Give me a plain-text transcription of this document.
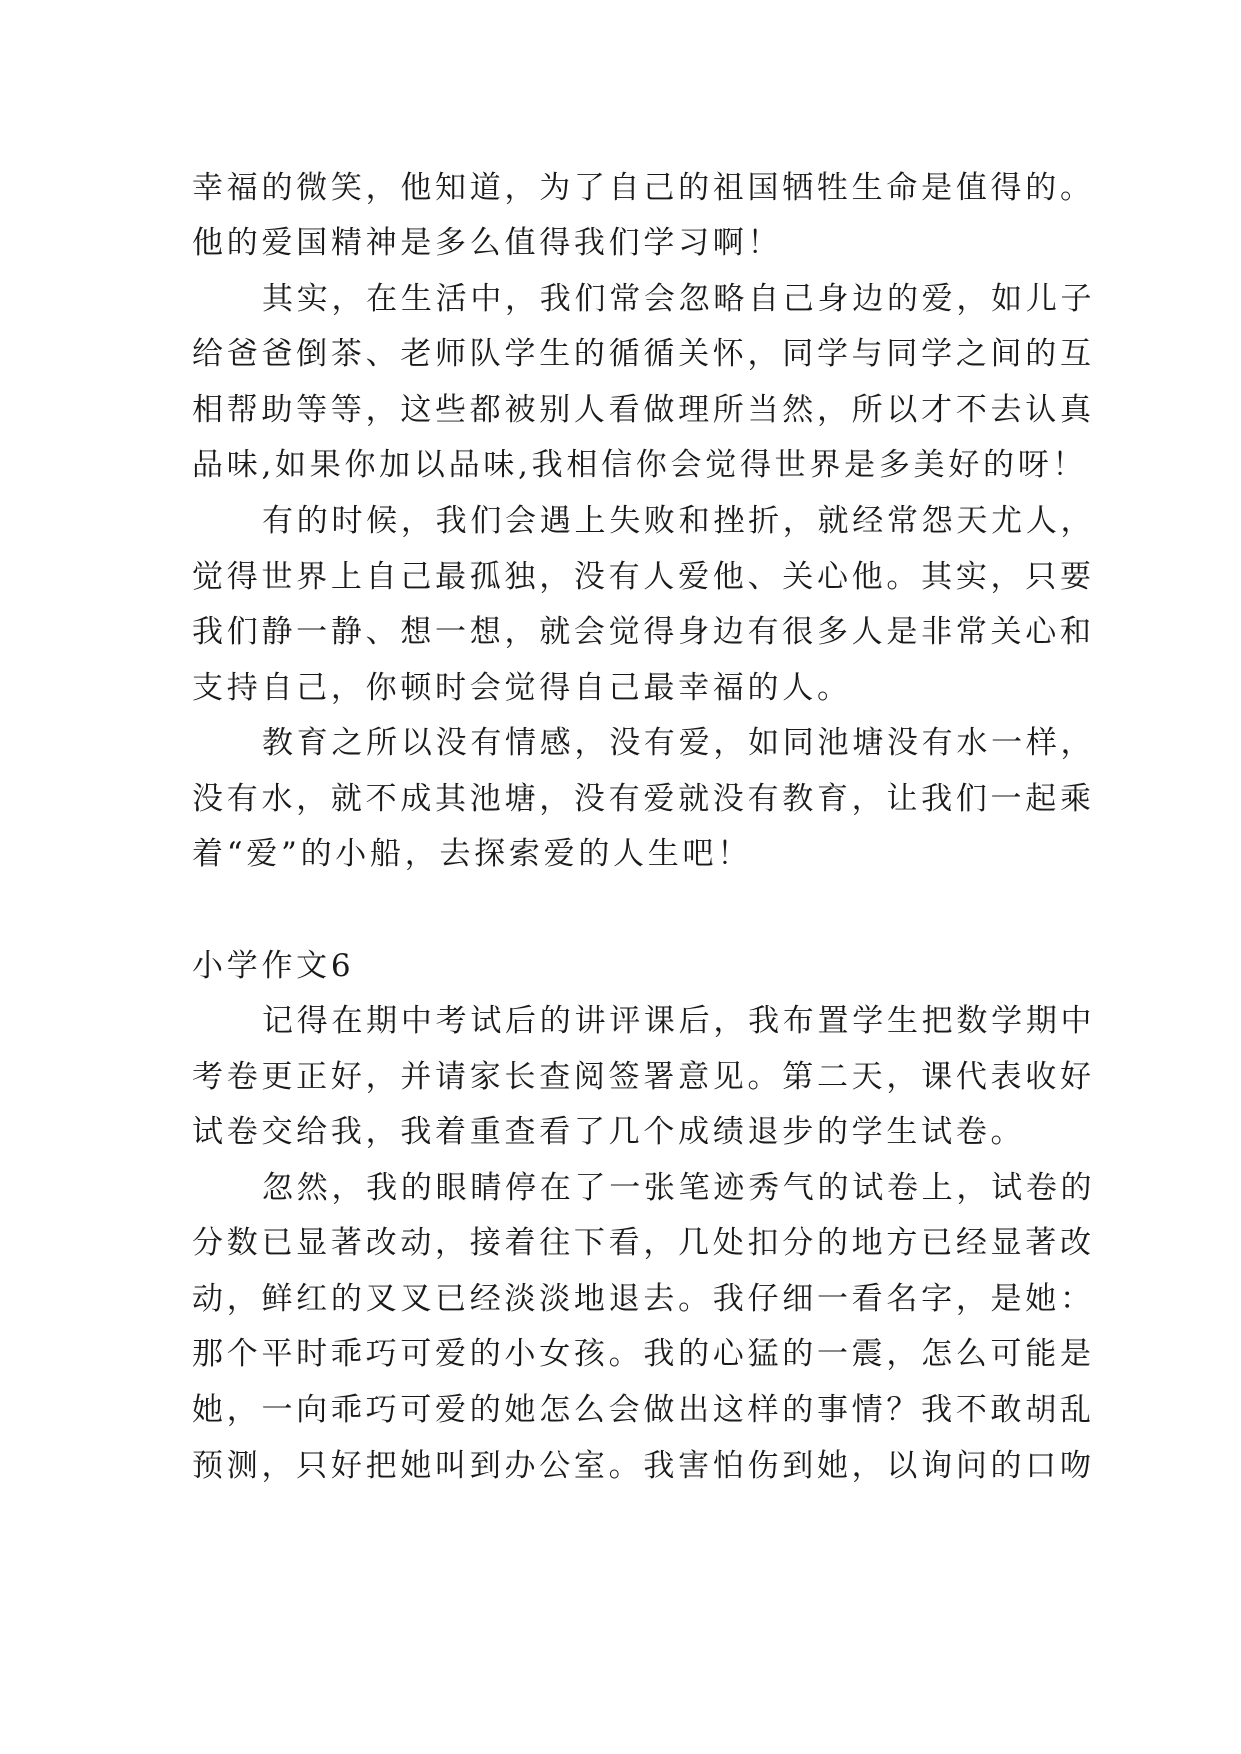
幸福的微笑，他知道，为了自己的祖国牺牲生命是值得的。
他的爱国精神是多么值得我们学习啊！
其实，在生活中，我们常会忽略自己身边的爱，如儿子
给爸爸倒茶、老师队学生的循循关怀，同学与同学之间的互
相帮助等等，这些都被别人看做理所当然，所以才不去认真
品味,如果你加以品味,我相信你会觉得世界是多美好的呀！
有的时候，我们会遇上失败和挫折，就经常怨天尤人，
觉得世界上自己最孤独，没有人爱他、关心他。其实，只要
我们静一静、想一想，就会觉得身边有很多人是非常关心和
支持自己，你顿时会觉得自己最幸福的人。
教育之所以没有情感，没有爱，如同池塘没有水一样，
没有水，就不成其池塘，没有爱就没有教育，让我们一起乘
着“爱”的小船，去探索爱的人生吧！
小学作文6
记得在期中考试后的讲评课后，我布置学生把数学期中
考卷更正好，并请家长查阅签署意见。第二天，课代表收好
试卷交给我，我着重查看了几个成绩退步的学生试卷。
忽然，我的眼睛停在了一张笔迹秀气的试卷上，试卷的
分数已显著改动，接着往下看，几处扣分的地方已经显著改
动，鲜红的叉叉已经淡淡地退去。我仔细一看名字，是她：
那个平时乖巧可爱的小女孩。我的心猛的一震，怎么可能是
她，一向乖巧可爱的她怎么会做出这样的事情？我不敢胡乱
预测，只好把她叫到办公室。我害怕伤到她，以询问的口吻
